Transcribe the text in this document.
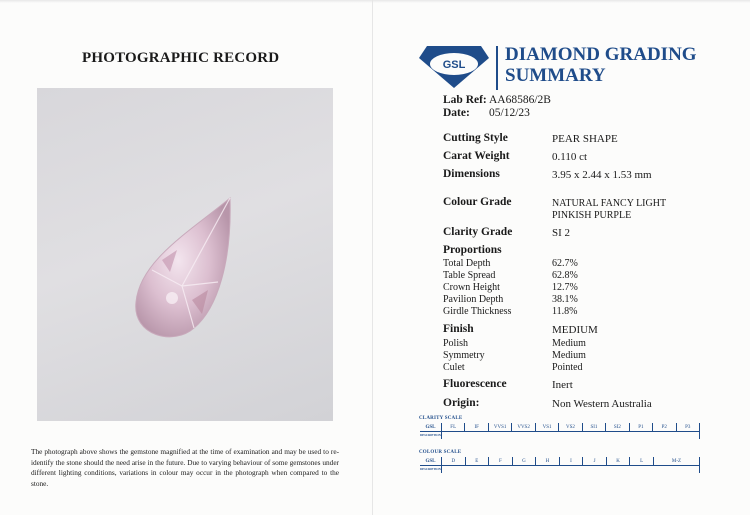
PHOTOGRAPHIC RECORD
The photograph above shows the gemstone magnified at the time of examination and may be used to re-identify the stone should the need arise in the future. Due to varying behaviour of some gemstones under different lighting conditions, variations in colour may occur in the photograph when compared to the stone.
GSL DIAMOND GRADING
SUMMARY
Lab Ref: AA68586/2B
Date: 05/12/23
Cutting Style	PEAR SHAPE
Carat Weight	0.110 ct
Dimensions	3.95 x 2.44 x 1.53 mm
Colour Grade	NATURAL FANCY LIGHT
PINKISH PURPLE
Clarity Grade	SI 2
Proportions
Total Depth	62.7%
Table Spread	62.8%
Crown Height	12.7%
Pavilion Depth	38.1%
Girdle Thickness	11.8%
Finish	MEDIUM
Polish	Medium
Symmetry	Medium
Culet	Pointed
Fluorescence	Inert
Origin:	Non Western Australia
CLARITY SCALE
GSL	FL	IF	VVS1	VVS2	VS1	VS2	SI1	SI2	P1	P2	P3
DESCRIPTION
COLOUR SCALE
GSL	D	E	F	G	H	I	J	K	L	M-Z
DESCRIPTION
